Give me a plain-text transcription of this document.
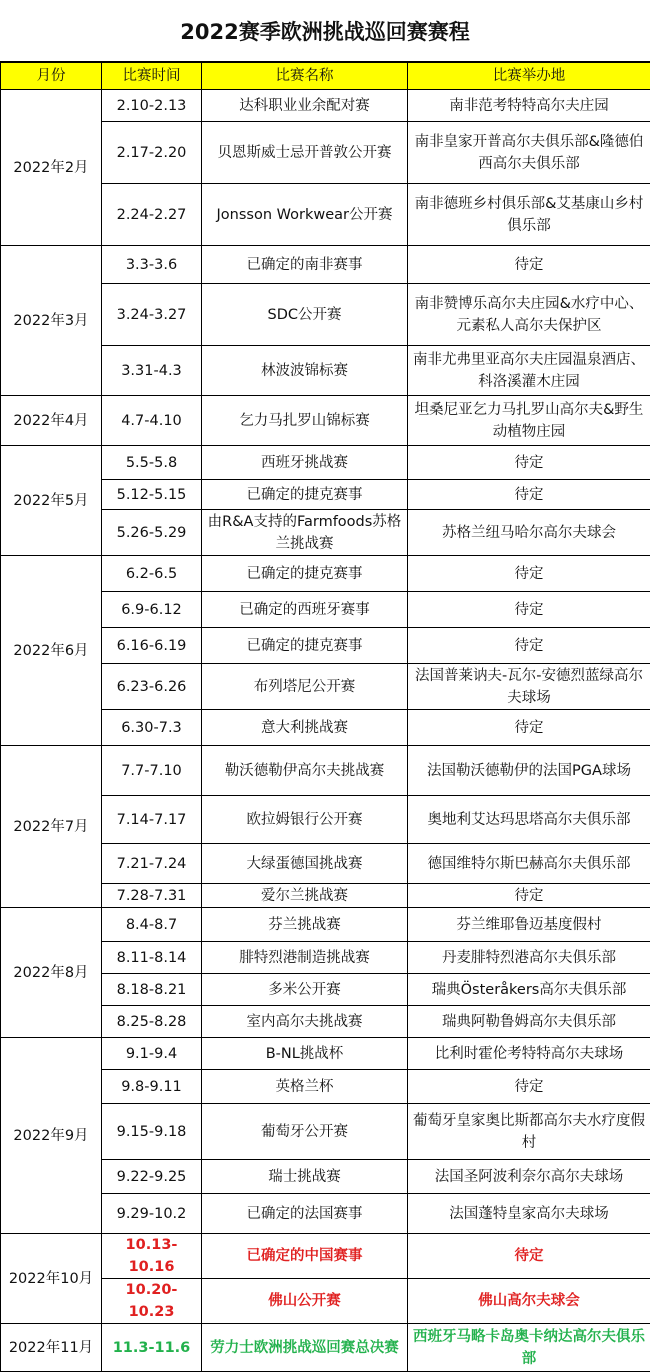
2022赛季欧洲挑战巡回赛赛程
月份	比赛时间	比赛名称	比赛举办地
2022年2月	2.10-2.13	达科职业业余配对赛	南非范考特特高尔夫庄园
	2.17-2.20	贝恩斯威士忌开普敦公开赛	南非皇家开普高尔夫俱乐部&隆德伯西高尔夫俱乐部
	2.24-2.27	Jonsson Workwear公开赛	南非德班乡村俱乐部&艾基康山乡村俱乐部
2022年3月	3.3-3.6	已确定的南非赛事	待定
	3.24-3.27	SDC公开赛	南非赞博乐高尔夫庄园&水疗中心、元素私人高尔夫保护区
	3.31-4.3	林波波锦标赛	南非尤弗里亚高尔夫庄园温泉酒店、科洛溪灌木庄园
2022年4月	4.7-4.10	乞力马扎罗山锦标赛	坦桑尼亚乞力马扎罗山高尔夫&野生动植物庄园
2022年5月	5.5-5.8	西班牙挑战赛	待定
	5.12-5.15	已确定的捷克赛事	待定
	5.26-5.29	由R&A支持的Farmfoods苏格兰挑战赛	苏格兰纽马哈尔高尔夫球会
2022年6月	6.2-6.5	已确定的捷克赛事	待定
	6.9-6.12	已确定的西班牙赛事	待定
	6.16-6.19	已确定的捷克赛事	待定
	6.23-6.26	布列塔尼公开赛	法国普莱讷夫-瓦尔-安德烈蓝绿高尔夫球场
	6.30-7.3	意大利挑战赛	待定
2022年7月	7.7-7.10	勒沃德勒伊高尔夫挑战赛	法国勒沃德勒伊的法国PGA球场
	7.14-7.17	欧拉姆银行公开赛	奥地利艾达玛思塔高尔夫俱乐部
	7.21-7.24	大绿蛋德国挑战赛	德国维特尔斯巴赫高尔夫俱乐部
	7.28-7.31	爱尔兰挑战赛	待定
2022年8月	8.4-8.7	芬兰挑战赛	芬兰维耶鲁迈基度假村
	8.11-8.14	腓特烈港制造挑战赛	丹麦腓特烈港高尔夫俱乐部
	8.18-8.21	多米公开赛	瑞典Österåkers高尔夫俱乐部
	8.25-8.28	室内高尔夫挑战赛	瑞典阿勒鲁姆高尔夫俱乐部
2022年9月	9.1-9.4	B-NL挑战杯	比利时霍伦考特特高尔夫球场
	9.8-9.11	英格兰杯	待定
	9.15-9.18	葡萄牙公开赛	葡萄牙皇家奥比斯都高尔夫水疗度假村
	9.22-9.25	瑞士挑战赛	法国圣阿波利奈尔高尔夫球场
	9.29-10.2	已确定的法国赛事	法国蓬特皇家高尔夫球场
2022年10月	10.13-10.16	已确定的中国赛事	待定
	10.20-10.23	佛山公开赛	佛山高尔夫球会
2022年11月	11.3-11.6	劳力士欧洲挑战巡回赛总决赛	西班牙马略卡岛奥卡纳达高尔夫俱乐部
